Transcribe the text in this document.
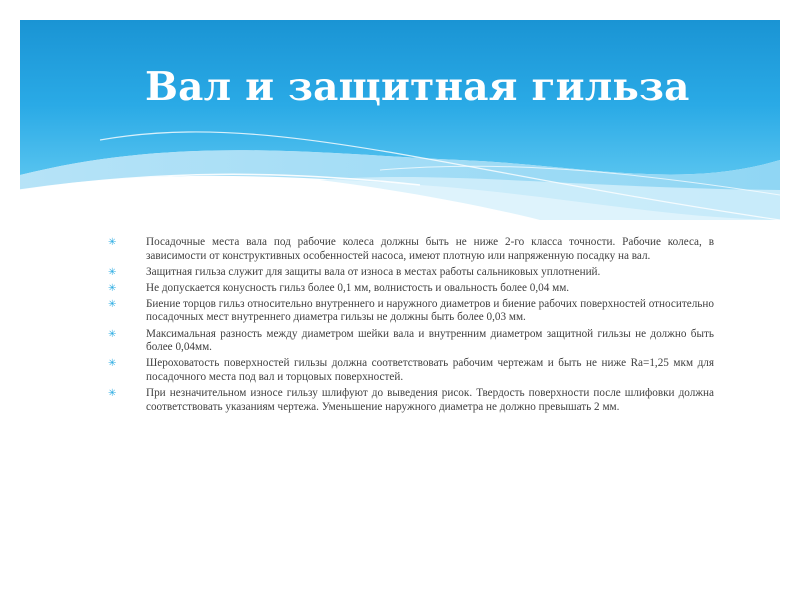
Вал и защитная гильза
✳	Посадочные места вала под рабочие колеса должны быть не ниже 2-го класса точности. Рабочие колеса, в зависимости от конструктивных особенностей насоса, имеют плотную или напряженную посадку на вал.
✳	Защитная гильза служит для защиты вала от износа в местах работы сальниковых уплотнений.
✳	Не допускается конусность гильз более 0,1 мм, волнистость и овальность более 0,04 мм.
✳	Биение торцов гильз относительно внутреннего и наружного диаметров и биение рабочих поверхностей относительно посадочных мест внутреннего диаметра гильзы не должны быть более 0,03 мм.
✳	Максимальная разность между диаметром шейки вала и внутренним диаметром защитной гильзы не должно быть более 0,04мм.
✳	Шероховатость поверхностей гильзы должна соответствовать рабочим чертежам и быть не ниже Ra=1,25 мкм для посадочного места под вал и торцовых поверхностей.
✳	При незначительном износе гильзу шлифуют до выведения рисок. Твердость поверхности после шлифовки должна соответствовать указаниям чертежа. Уменьшение наружного диаметра не должно превышать 2 мм.
